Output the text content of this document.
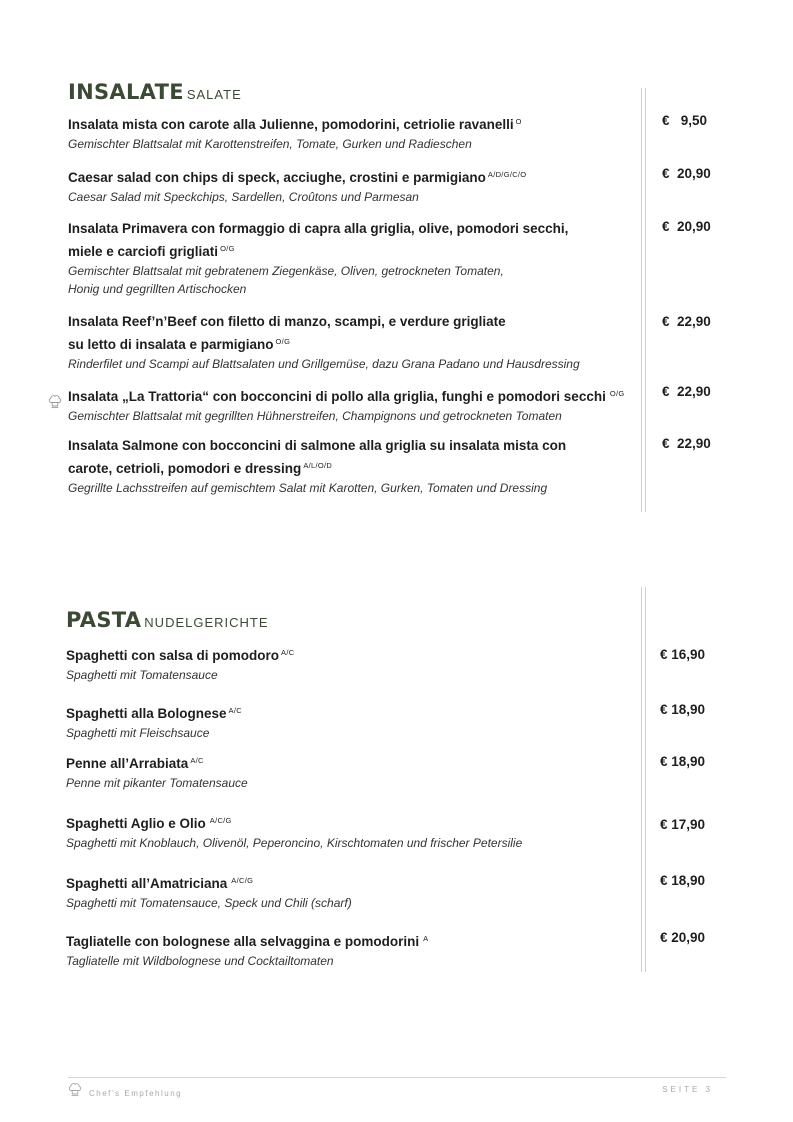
INSALATE SALATE
Insalata mista con carote alla Julienne, pomodorini, cetriolie ravanelli $^O$
Gemischter Blattsalat mit Karottenstreifen, Tomate, Gurken und Radieschen
€   9,50
Caesar salad con chips di speck, acciughe, crostini e parmigiano $^{A/D/G/C/O}$
Caesar Salad mit Speckchips, Sardellen, Croûtons und Parmesan
€  20,90
Insalata Primavera con formaggio di capra alla griglia, olive, pomodori secchi,
miele e carciofi grigliati $^{O/G}$
Gemischter Blattsalat mit gebratenem Ziegenkäse, Oliven, getrockneten Tomaten,
Honig und gegrillten Artischocken
€  20,90
Insalata Reef’n’Beef con filetto di manzo, scampi, e verdure grigliate
su letto di insalata e parmigiano $^{O/G}$
Rinderfilet und Scampi auf Blattsalaten und Grillgemüse, dazu Grana Padano und Hausdressing
€  22,90
Insalata „La Trattoria“ con bocconcini di pollo alla griglia, funghi e pomodori secchi $^{O/G}$
Gemischter Blattsalat mit gegrillten Hühnerstreifen, Champignons und getrockneten Tomaten
€  22,90
Insalata Salmone con bocconcini di salmone alla griglia su insalata mista con
carote, cetrioli, pomodori e dressing $^{A/L/O/D}$
Gegrillte Lachsstreifen auf gemischtem Salat mit Karotten, Gurken, Tomaten und Dressing
€  22,90
PASTA NUDELGERICHTE
Spaghetti con salsa di pomodoro $^{A/C}$
Spaghetti mit Tomatensauce
€ 16,90
Spaghetti alla Bolognese $^{A/C}$
Spaghetti mit Fleischsauce
€ 18,90
Penne all’Arrabiata $^{A/C}$
Penne mit pikanter Tomatensauce
€ 18,90
Spaghetti Aglio e Olio $^{A/C/G}$
Spaghetti mit Knoblauch, Olivenöl, Peperoncino, Kirschtomaten und frischer Petersilie
€ 17,90
Spaghetti all’Amatriciana $^{A/C/G}$
Spaghetti mit Tomatensauce, Speck und Chili (scharf)
€ 18,90
Tagliatelle con bolognese alla selvaggina e pomodorini $^A$
Tagliatelle mit Wildbolognese und Cocktailtomaten
€ 20,90
Chef’s Empfehlung	SEITE 3
